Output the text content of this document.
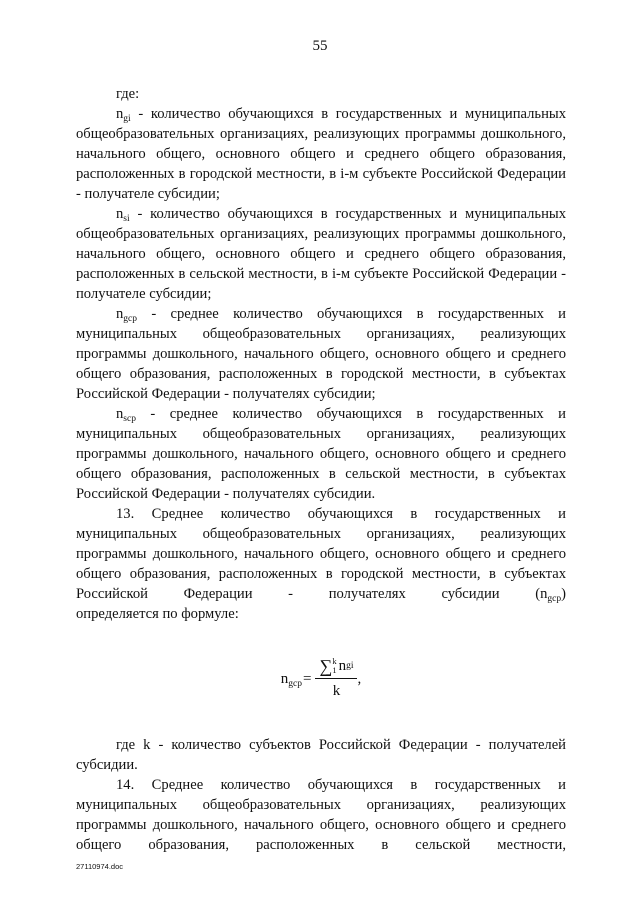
55

где:

$n_{gi}$ - количество обучающихся в государственных и муниципальных общеобразовательных организациях, реализующих программы дошкольного, начального общего, основного общего и среднего общего образования, расположенных в городской местности, в i-м субъекте Российской Федерации - получателе субсидии;

$n_{si}$ - количество обучающихся в государственных и муниципальных общеобразовательных организациях, реализующих программы дошкольного, начального общего, основного общего и среднего общего образования, расположенных в сельской местности, в i-м субъекте Российской Федерации - получателе субсидии;

$n_{gcp}$ - среднее количество обучающихся в государственных и муниципальных общеобразовательных организациях, реализующих программы дошкольного, начального общего, основного общего и среднего общего образования, расположенных в городской местности, в субъектах Российской Федерации - получателях субсидии;

$n_{scp}$ - среднее количество обучающихся в государственных и муниципальных общеобразовательных организациях, реализующих программы дошкольного, начального общего, основного общего и среднего общего образования, расположенных в сельской местности, в субъектах Российской Федерации - получателях субсидии.

13. Среднее количество обучающихся в государственных и муниципальных общеобразовательных организациях, реализующих программы дошкольного, начального общего, основного общего и среднего общего образования, расположенных в городской местности, в субъектах Российской Федерации - получателях субсидии $(n_{gcp})$

определяется по формуле:

$n_{gcp}$ = ∑ k
1 n gi
k ,

где k - количество субъектов Российской Федерации - получателей субсидии.

14. Среднее количество обучающихся в государственных и муниципальных общеобразовательных организациях, реализующих программы дошкольного, начального общего, основного общего и среднего общего образования, расположенных в сельской местности,

27110974.doc
